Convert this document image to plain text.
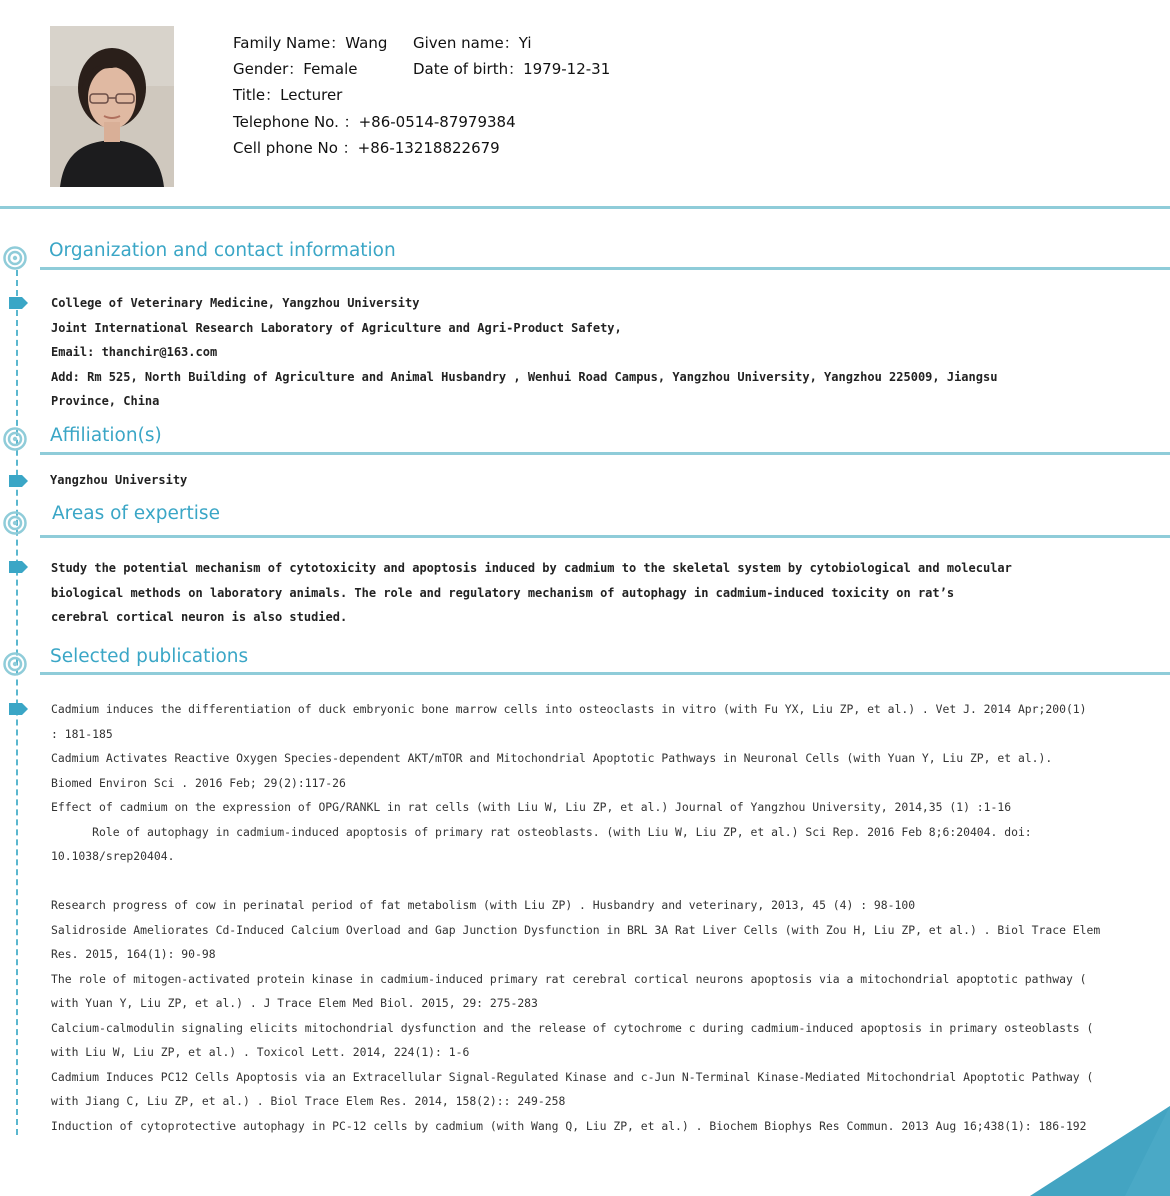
Family Name：Wang Given name：Yi
Gender：Female	Date of birth：1979-12-31
Title：Lecturer
Telephone No. ：+86-0514-87979384
Cell phone No ：+86-13218822679
Organization and contact information
College of Veterinary Medicine, Yangzhou University
Joint International Research Laboratory of Agriculture and Agri-Product Safety,
Email: thanchir@163.com
Add: Rm 525, North Building of Agriculture and Animal Husbandry , Wenhui Road Campus, Yangzhou University, Yangzhou 225009, Jiangsu
Province, China
Affiliation(s)
Yangzhou University
Areas of expertise
Study the potential mechanism of cytotoxicity and apoptosis induced by cadmium to the skeletal system by cytobiological and molecular
biological methods on laboratory animals. The role and regulatory mechanism of autophagy in cadmium-induced toxicity on rat’s
cerebral cortical neuron is also studied.
Selected publications
Cadmium induces the differentiation of duck embryonic bone marrow cells into osteoclasts in vitro (with Fu YX, Liu ZP, et al.) . Vet J. 2014 Apr;200(1)
: 181-185
Cadmium Activates Reactive Oxygen Species-dependent AKT/mTOR and Mitochondrial Apoptotic Pathways in Neuronal Cells (with Yuan Y, Liu ZP, et al.).
Biomed Environ Sci . 2016 Feb; 29(2):117-26
Effect of cadmium on the expression of OPG/RANKL in rat cells (with Liu W, Liu ZP, et al.) Journal of Yangzhou University, 2014,35 (1) :1-16
Role of autophagy in cadmium-induced apoptosis of primary rat osteoblasts. (with Liu W, Liu ZP, et al.) Sci Rep. 2016 Feb 8;6:20404. doi:
10.1038/srep20404.
Research progress of cow in perinatal period of fat metabolism (with Liu ZP) . Husbandry and veterinary, 2013, 45 (4) : 98-100
Salidroside Ameliorates Cd-Induced Calcium Overload and Gap Junction Dysfunction in BRL 3A Rat Liver Cells (with Zou H, Liu ZP, et al.) . Biol Trace Elem
Res. 2015, 164(1): 90-98
The role of mitogen-activated protein kinase in cadmium-induced primary rat cerebral cortical neurons apoptosis via a mitochondrial apoptotic pathway (
with Yuan Y, Liu ZP, et al.) . J Trace Elem Med Biol. 2015, 29: 275-283
Calcium‐calmodulin signaling elicits mitochondrial dysfunction and the release of cytochrome c during cadmium-induced apoptosis in primary osteoblasts (
with Liu W, Liu ZP, et al.) . Toxicol Lett. 2014, 224(1): 1-6
Cadmium Induces PC12 Cells Apoptosis via an Extracellular Signal-Regulated Kinase and c-Jun N-Terminal Kinase-Mediated Mitochondrial Apoptotic Pathway (
with Jiang C, Liu ZP, et al.) . Biol Trace Elem Res. 2014, 158(2):: 249-258
Induction of cytoprotective autophagy in PC-12 cells by cadmium (with Wang Q, Liu ZP, et al.) . Biochem Biophys Res Commun. 2013 Aug 16;438(1): 186-192
